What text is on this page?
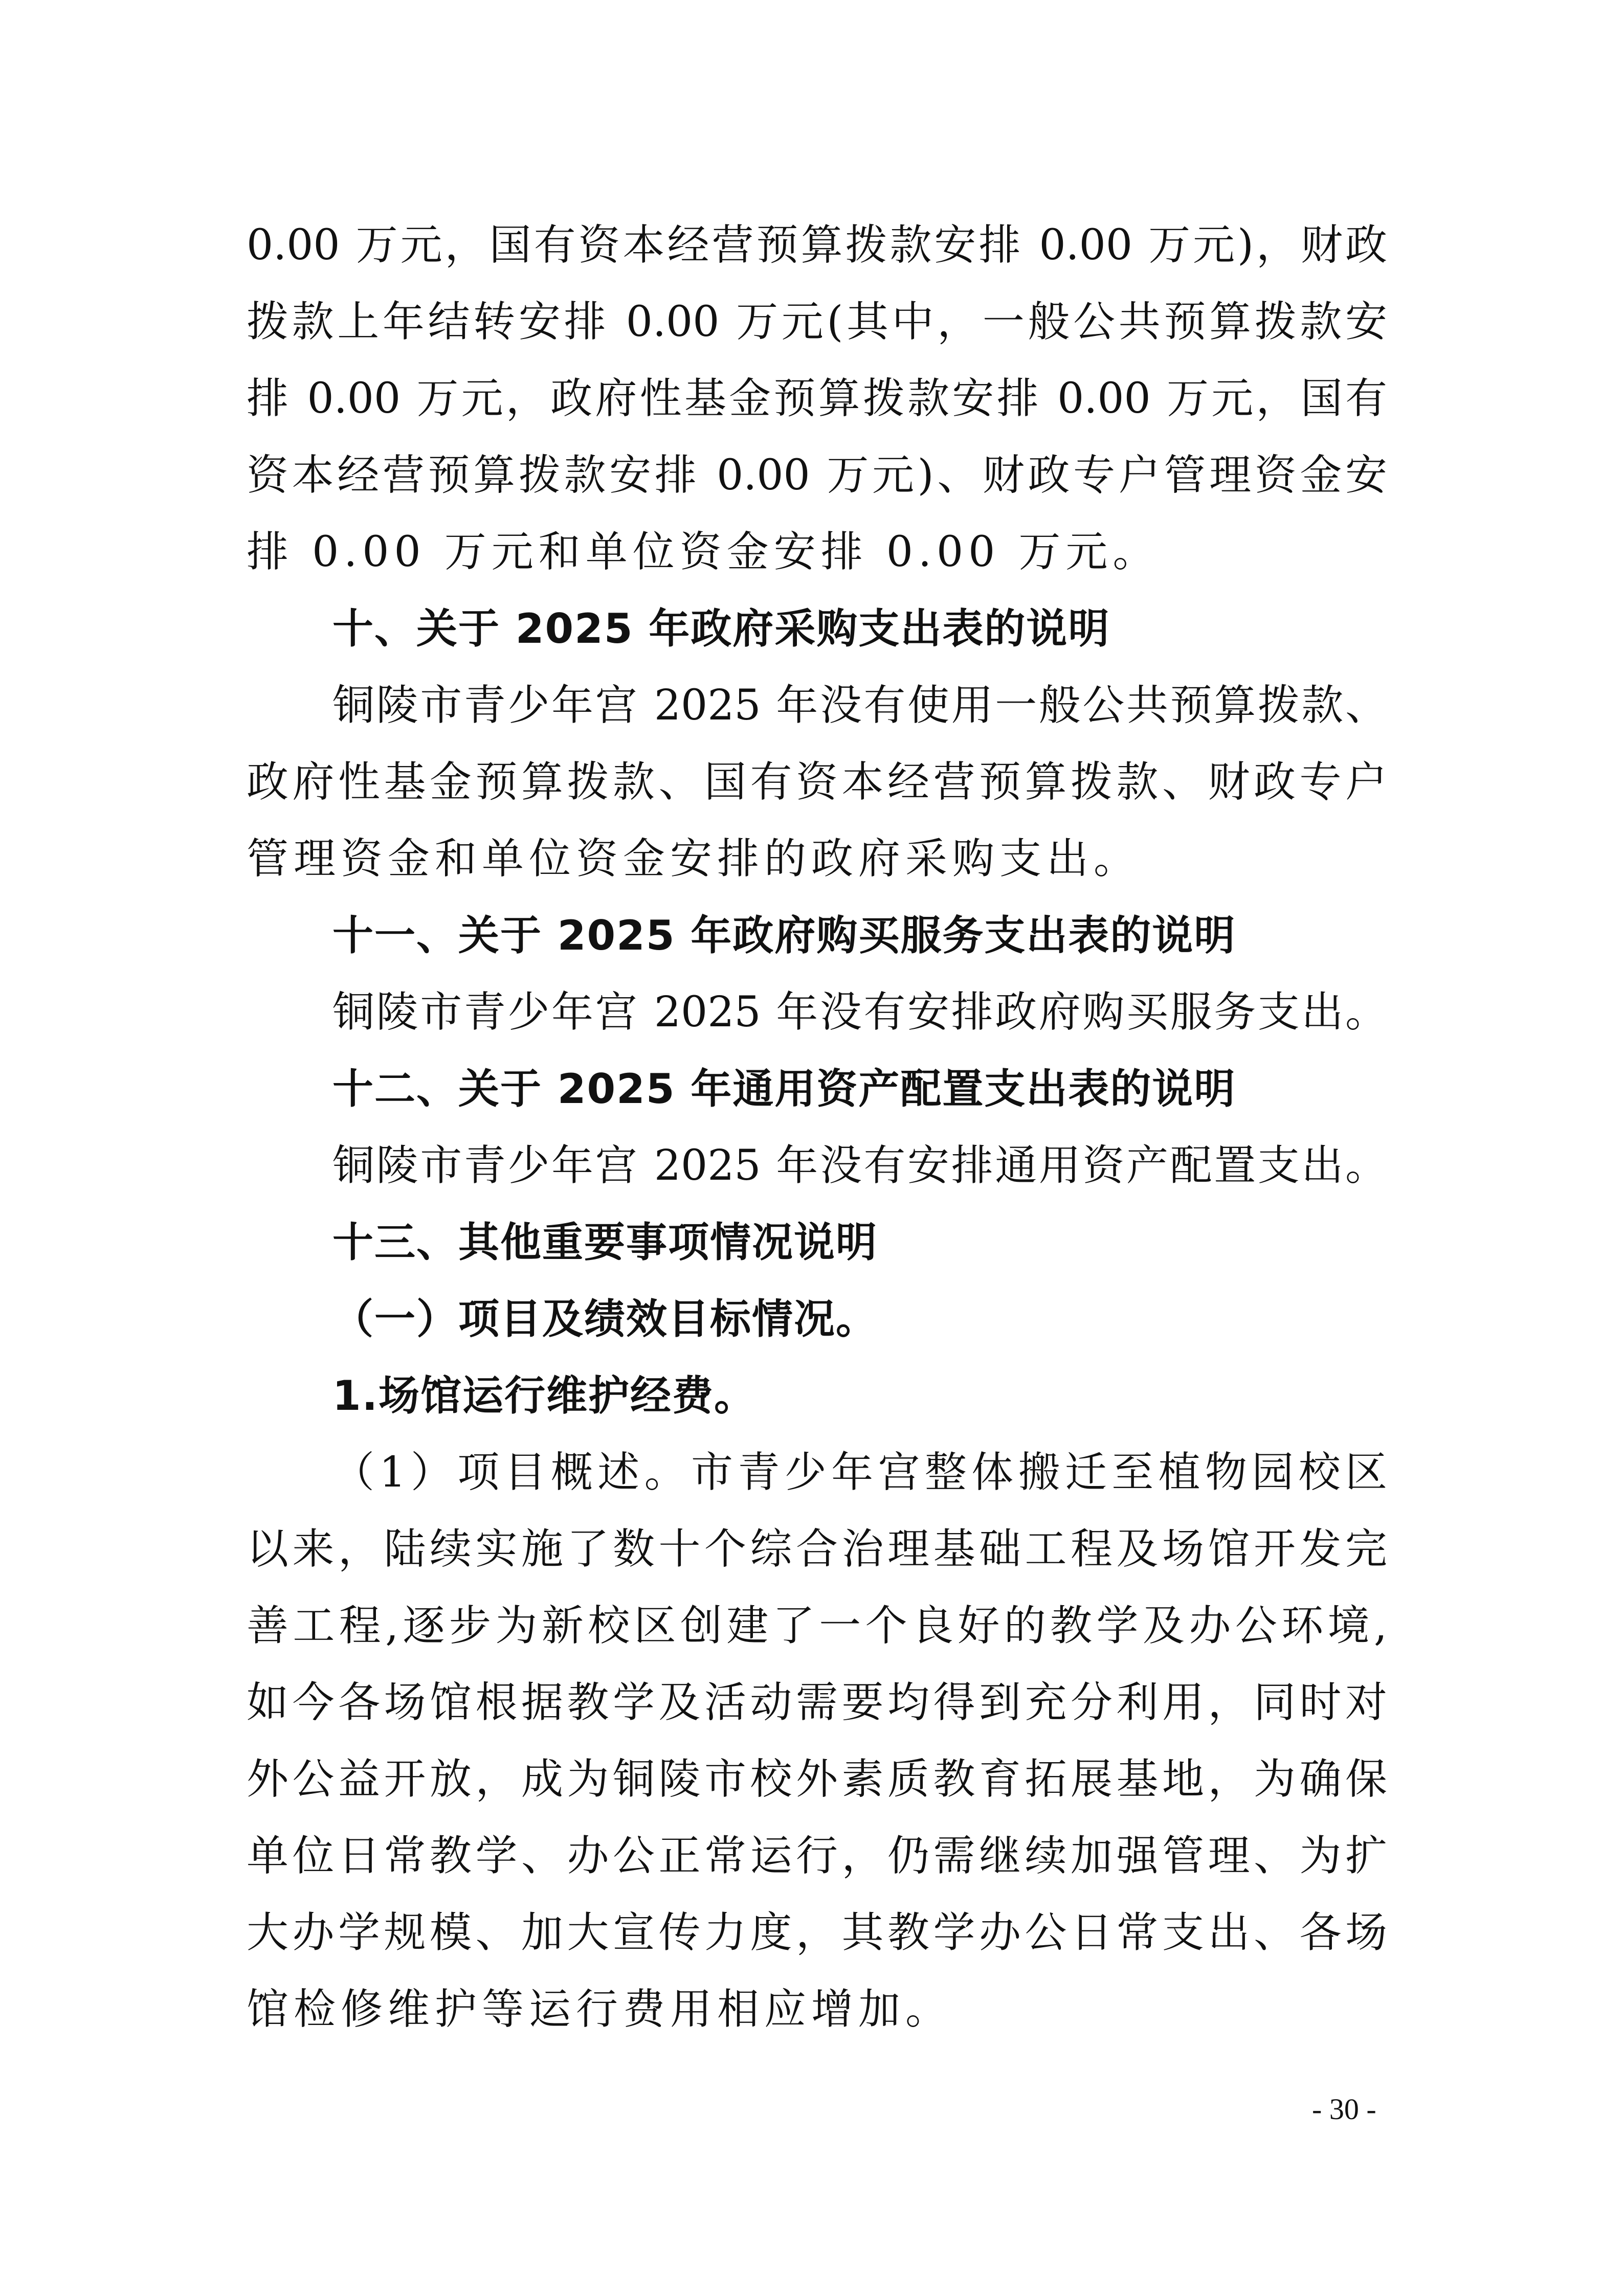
0.00 万元，国有资本经营预算拨款安排 0.00 万元)，财政
拨款上年结转安排 0.00 万元(其中，一般公共预算拨款安
排 0.00 万元，政府性基金预算拨款安排 0.00 万元，国有
资本经营预算拨款安排 0.00 万元)、财政专户管理资金安
排 0.00 万元和单位资金安排 0.00 万元。
十、关于 2025 年政府采购支出表的说明
铜陵市青少年宫 2025 年没有使用一般公共预算拨款、
政府性基金预算拨款、国有资本经营预算拨款、财政专户
管理资金和单位资金安排的政府采购支出。
十一、关于 2025 年政府购买服务支出表的说明
铜陵市青少年宫 2025 年没有安排政府购买服务支出。
十二、关于 2025 年通用资产配置支出表的说明
铜陵市青少年宫 2025 年没有安排通用资产配置支出。
十三、其他重要事项情况说明
（一）项目及绩效目标情况。
1.场馆运行维护经费。
（1）项目概述。市青少年宫整体搬迁至植物园校区
以来，陆续实施了数十个综合治理基础工程及场馆开发完
善工程,逐步为新校区创建了一个良好的教学及办公环境,
如今各场馆根据教学及活动需要均得到充分利用，同时对
外公益开放，成为铜陵市校外素质教育拓展基地，为确保
单位日常教学、办公正常运行，仍需继续加强管理、为扩
大办学规模、加大宣传力度，其教学办公日常支出、各场
馆检修维护等运行费用相应增加。
- 30 -
